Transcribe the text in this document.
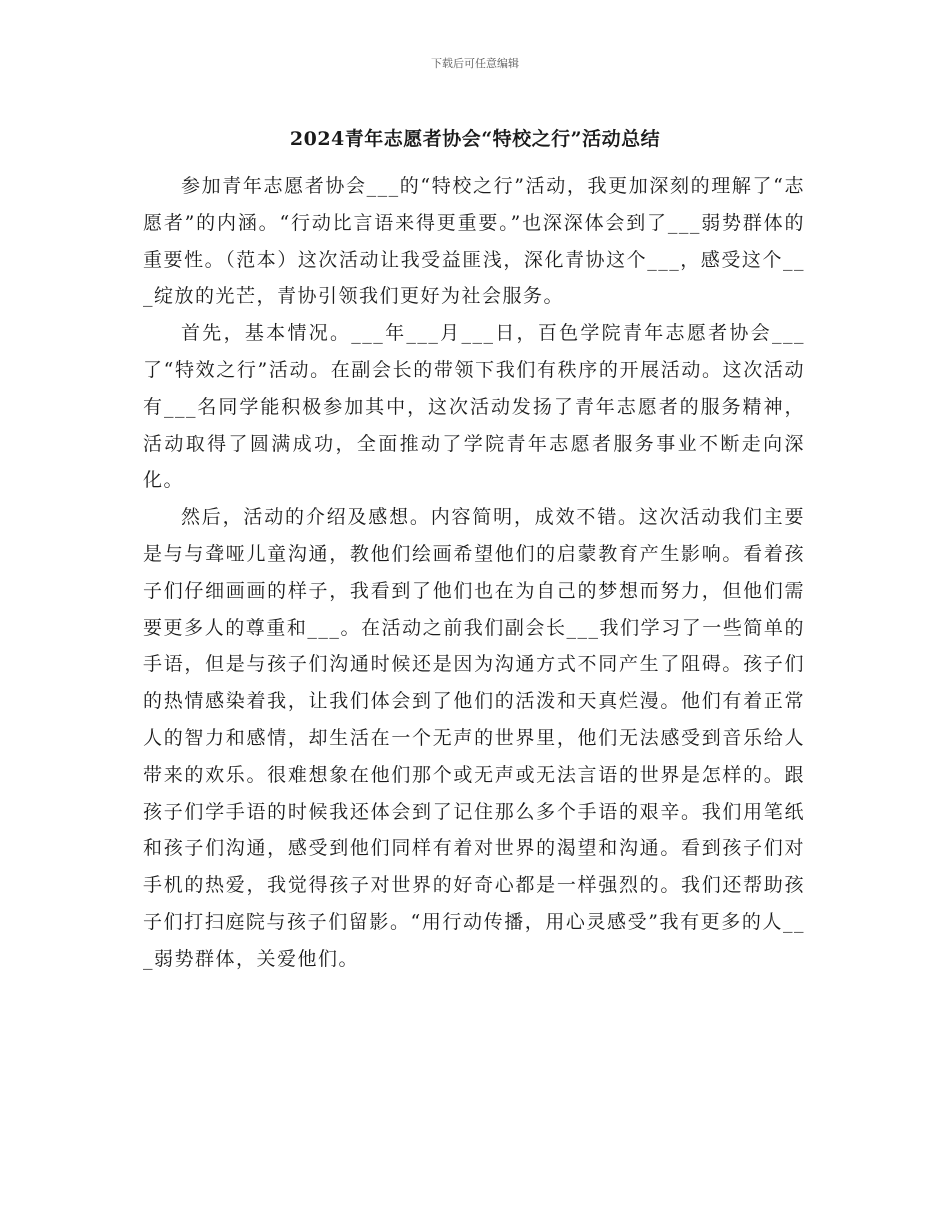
下载后可任意编辑
2024青年志愿者协会“特校之行”活动总结

参加青年志愿者协会___的“特校之行”活动，我更加深刻的理解了“志愿者”的内涵。“行动比言语来得更重要。”也深深体会到了___弱势群体的重要性。（范本）这次活动让我受益匪浅，深化青协这个___，感受这个___绽放的光芒，青协引领我们更好为社会服务。

首先，基本情况。___年___月___日，百色学院青年志愿者协会___了“特效之行”活动。在副会长的带领下我们有秩序的开展活动。这次活动有___名同学能积极参加其中，这次活动发扬了青年志愿者的服务精神，活动取得了圆满成功，全面推动了学院青年志愿者服务事业不断走向深化。

然后，活动的介绍及感想。内容简明，成效不错。这次活动我们主要是与与聋哑儿童沟通，教他们绘画希望他们的启蒙教育产生影响。看着孩子们仔细画画的样子，我看到了他们也在为自己的梦想而努力，但他们需要更多人的尊重和___。在活动之前我们副会长___我们学习了一些简单的手语，但是与孩子们沟通时候还是因为沟通方式不同产生了阻碍。孩子们的热情感染着我，让我们体会到了他们的活泼和天真烂漫。他们有着正常人的智力和感情，却生活在一个无声的世界里，他们无法感受到音乐给人带来的欢乐。很难想象在他们那个或无声或无法言语的世界是怎样的。跟孩子们学手语的时候我还体会到了记住那么多个手语的艰辛。我们用笔纸和孩子们沟通，感受到他们同样有着对世界的渴望和沟通。看到孩子们对手机的热爱，我觉得孩子对世界的好奇心都是一样强烈的。我们还帮助孩子们打扫庭院与孩子们留影。“用行动传播，用心灵感受”我有更多的人___弱势群体，关爱他们。
